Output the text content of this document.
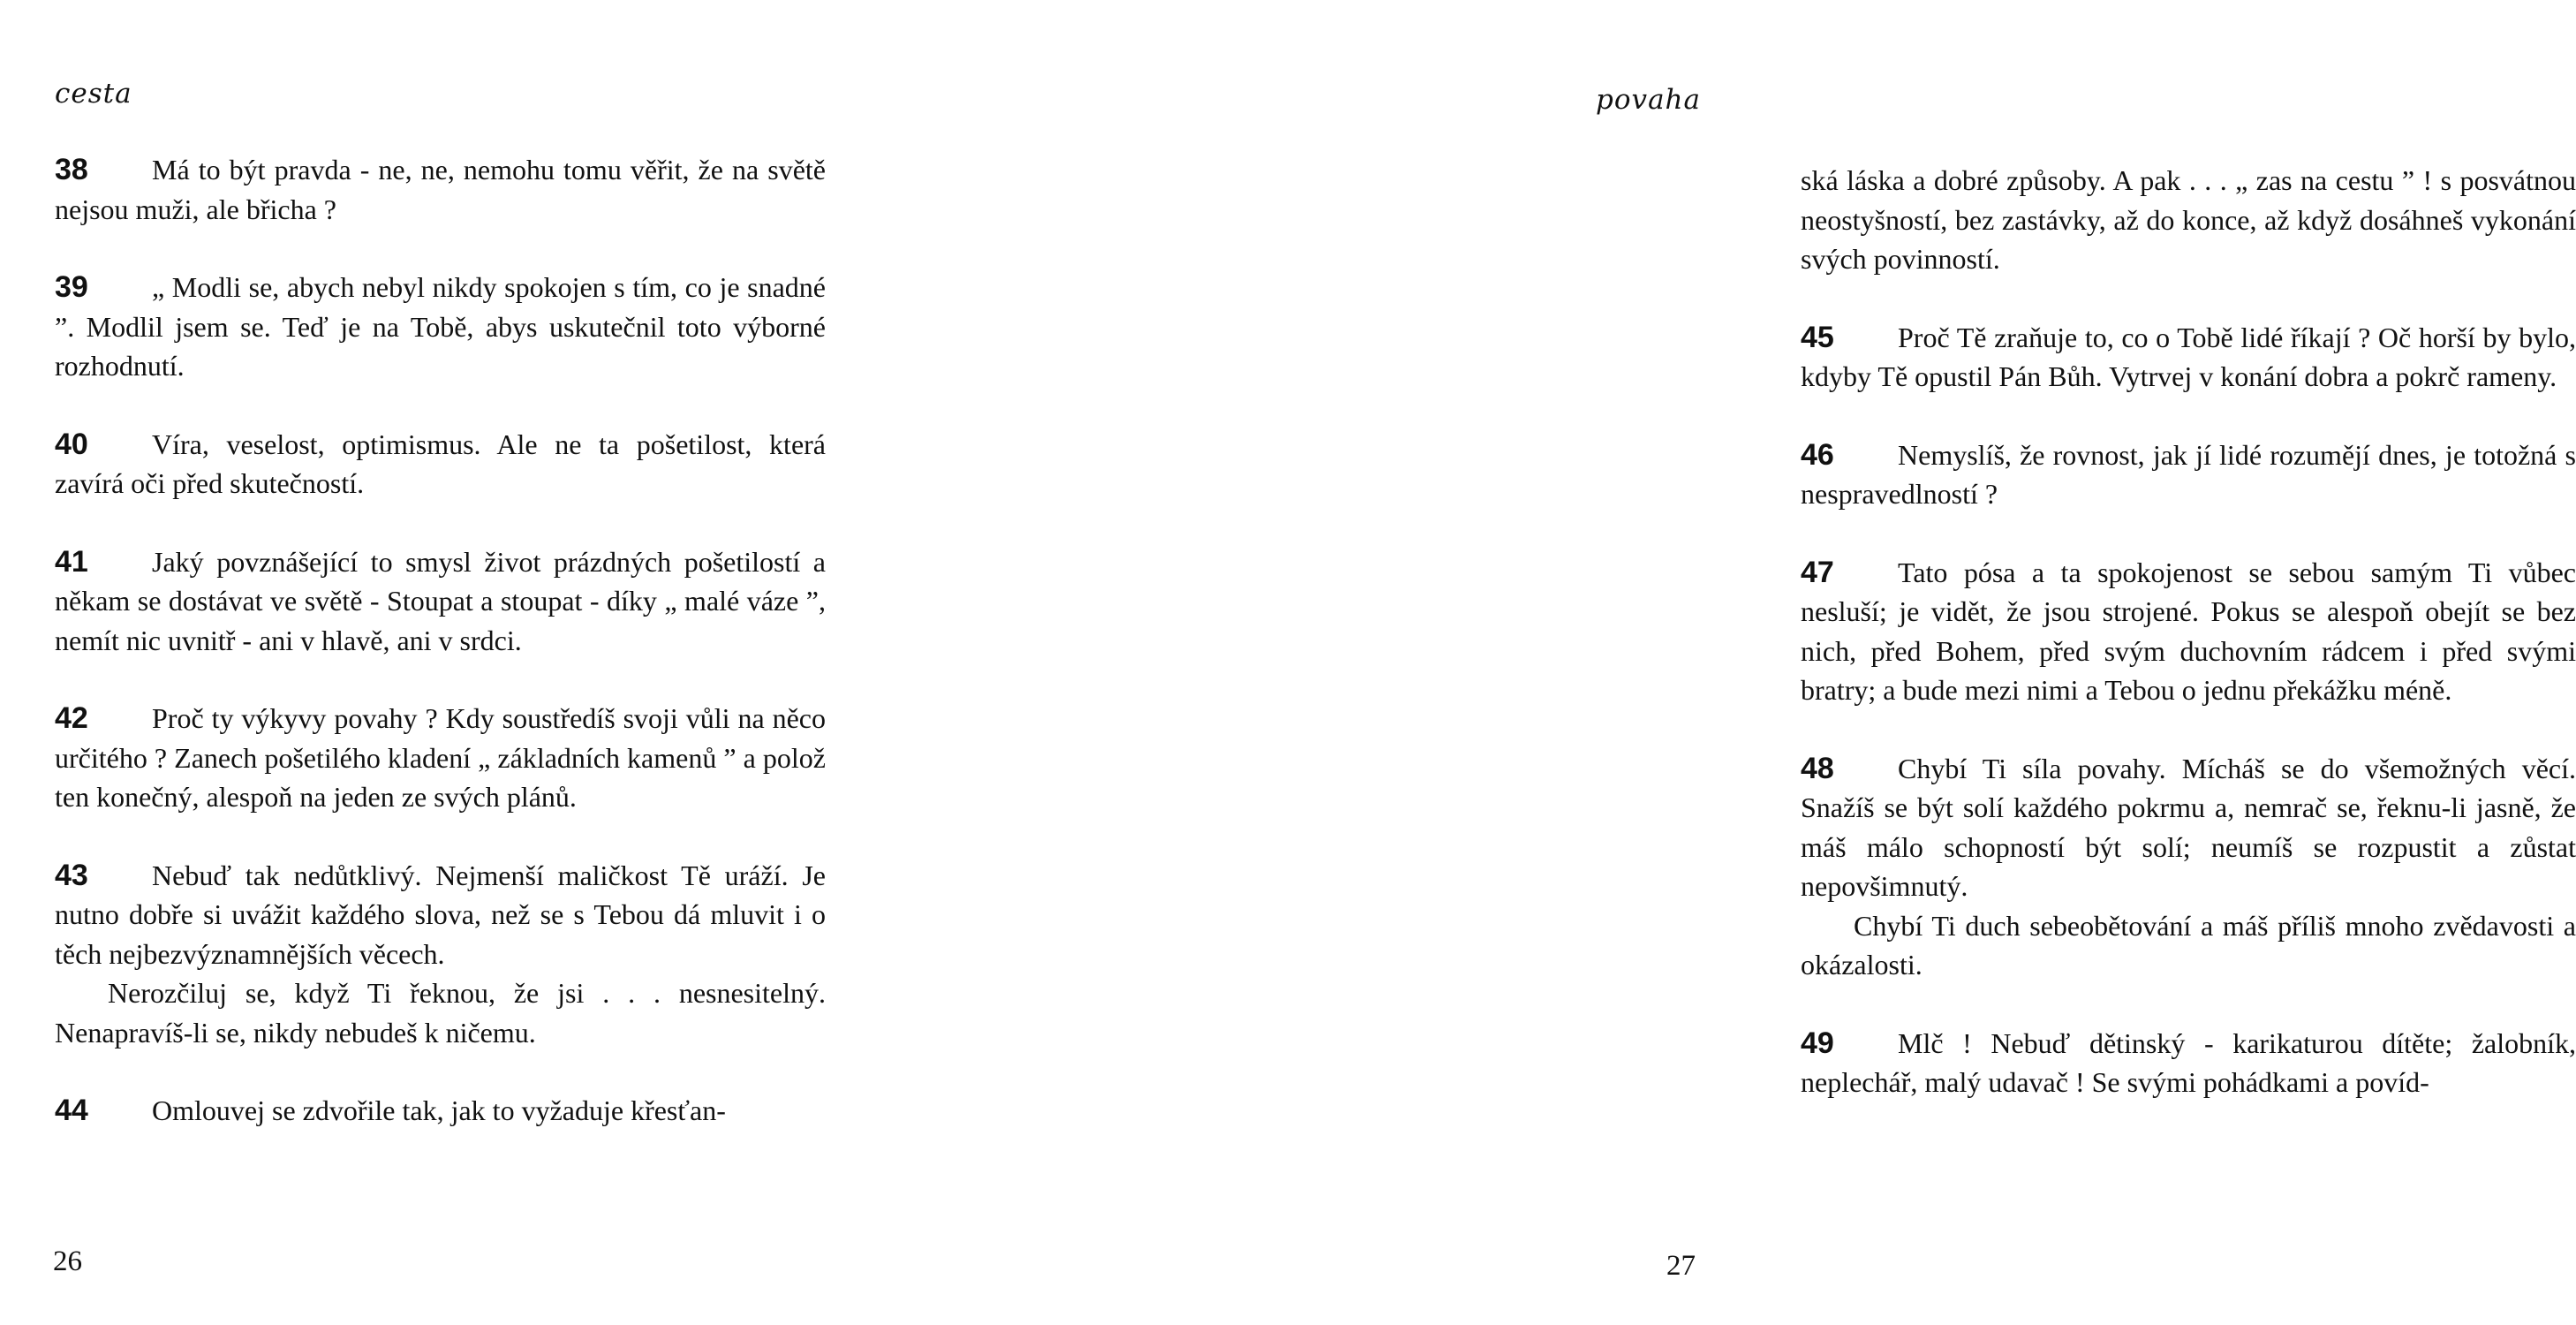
cesta

38 Má to být pravda - ne, ne, nemohu tomu věřit, že na světě nejsou muži, ale břicha ?

39 „ Modli se, abych nebyl nikdy spokojen s tím, co je snadné ”. Modlil jsem se. Teď je na Tobě, abys uskutečnil toto výborné rozhodnutí.

40 Víra, veselost, optimismus. Ale ne ta pošetilost, která zavírá oči před skutečností.

41 Jaký povznášející to smysl život prázdných pošetilostí a někam se dostávat ve světě - Stoupat a stoupat - díky „ malé váze ”, nemít nic uvnitř - ani v hlavě, ani v srdci.

42 Proč ty výkyvy povahy ? Kdy soustředíš svoji vůli na něco určitého ? Zanech pošetilého kladení „ základních kamenů ” a polož ten konečný, alespoň na jeden ze svých plánů.

43 Nebuď tak nedůtklivý. Nejmenší maličkost Tě uráží. Je nutno dobře si uvážit každého slova, než se s Tebou dá mluvit i o těch nejbezvýznamnějších věcech.

Nerozčiluj se, když Ti řeknou, že jsi . . . nesnesitelný. Nenapravíš-li se, nikdy nebudeš k ničemu.

44 Omlouvej se zdvořile tak, jak to vyžaduje křesťan-

26
povaha

ská láska a dobré způsoby. A pak . . . „ zas na cestu ” ! s posvátnou neostyšností, bez zastávky, až do konce, až když dosáhneš vykonání svých povinností.

45 Proč Tě zraňuje to, co o Tobě lidé říkají ? Oč horší by bylo, kdyby Tě opustil Pán Bůh. Vytrvej v konání dobra a pokrč rameny.

46 Nemyslíš, že rovnost, jak jí lidé rozumějí dnes, je totožná s nespravedlností ?

47 Tato pósa a ta spokojenost se sebou samým Ti vůbec nesluší; je vidět, že jsou strojené. Pokus se alespoň obejít se bez nich, před Bohem, před svým duchovním rádcem i před svými bratry; a bude mezi nimi a Tebou o jednu překážku méně.

48 Chybí Ti síla povahy. Mícháš se do všemožných věcí. Snažíš se být solí každého pokrmu a, nemrač se, řeknu-li jasně, že máš málo schopností být solí; neumíš se rozpustit a zůstat nepovšimnutý.

Chybí Ti duch sebeobětování a máš příliš mnoho zvědavosti a okázalosti.

49 Mlč ! Nebuď dětinský - karikaturou dítěte; žalobník, neplechář, malý udavač ! Se svými pohádkami a povíd-

27
